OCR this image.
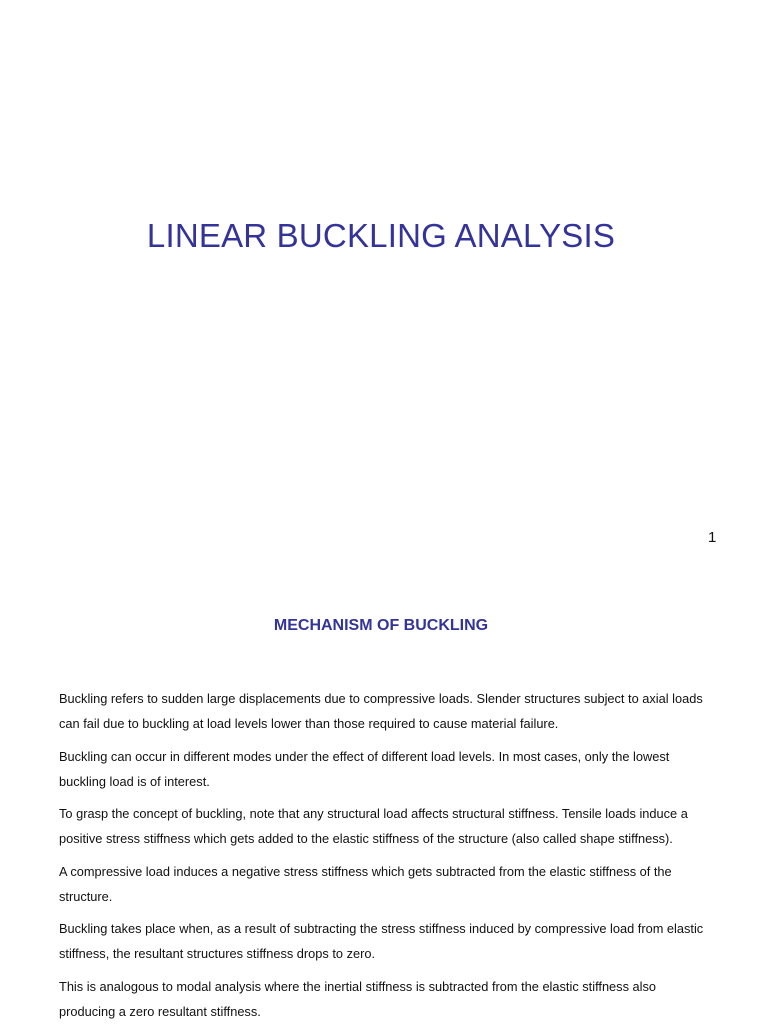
LINEAR BUCKLING ANALYSIS
1
MECHANISM OF BUCKLING

Buckling refers to sudden large displacements due to compressive loads. Slender structures subject to axial loads can fail due to buckling at load levels lower than those required to cause material failure.

Buckling can occur in different modes under the effect of different load levels. In most cases, only the lowest buckling load is of interest.

To grasp the concept of buckling, note that any structural load affects structural stiffness. Tensile loads induce a positive stress stiffness which gets added to the elastic stiffness of the structure (also called shape stiffness).

A compressive load induces a negative stress stiffness which gets subtracted from the elastic stiffness of the structure.

Buckling takes place when, as a result of subtracting the stress stiffness induced by compressive load from elastic stiffness, the resultant structures stiffness drops to zero.

This is analogous to modal analysis where the inertial stiffness is subtracted from the elastic stiffness also producing a zero resultant stiffness.
